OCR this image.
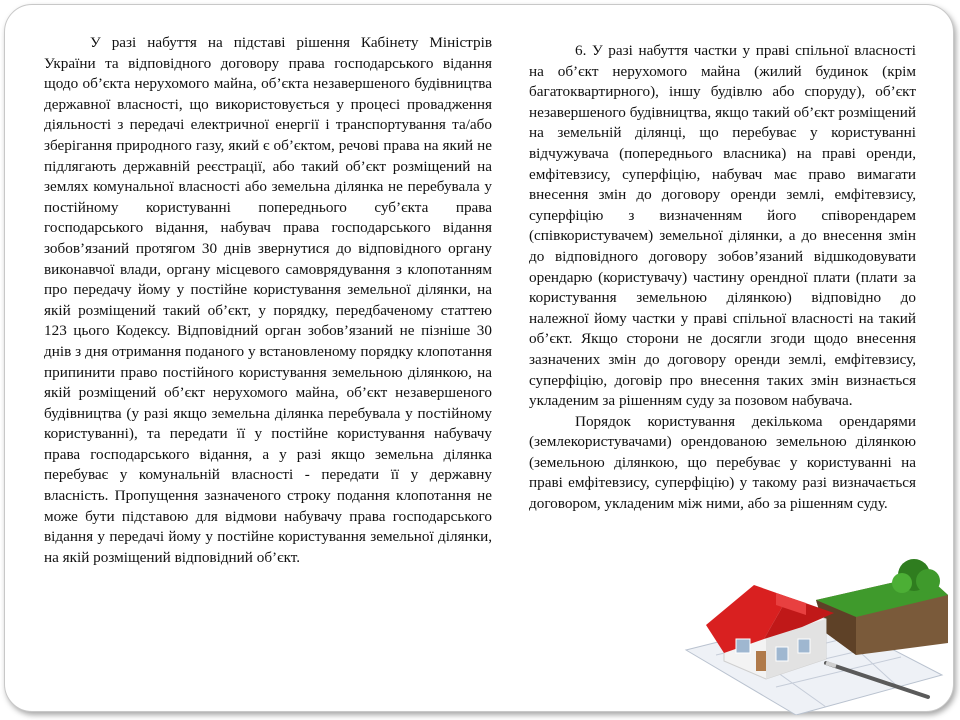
У разі набуття на підставі рішення Кабінету Міністрів України та відповідного договору права господарського відання щодо об’єкта нерухомого майна, об’єкта незавершеного будівництва державної власності, що використовується у процесі провадження діяльності з передачі електричної енергії і транспортування та/або зберігання природного газу, який є об’єктом, речові права на який не підлягають державній реєстрації, або такий об’єкт розміщений на землях комунальної власності або земельна ділянка не перебувала у постійному користуванні попереднього суб’єкта права господарського відання, набувач права господарського відання зобов’язаний протягом 30 днів звернутися до відповідного органу виконавчої влади, органу місцевого самоврядування з клопотанням про передачу йому у постійне користування земельної ділянки, на якій розміщений такий об’єкт, у порядку, передбаченому статтею 123 цього Кодексу. Відповідний орган зобов’язаний не пізніше 30 днів з дня отримання поданого у встановленому порядку клопотання припинити право постійного користування земельною ділянкою, на якій розміщений об’єкт нерухомого майна, об’єкт незавершеного будівництва (у разі якщо земельна ділянка перебувала у постійному користуванні), та передати її у постійне користування набувачу права господарського відання, а у разі якщо земельна ділянка перебуває у комунальній власності - передати її у державну власність. Пропущення зазначеного строку подання клопотання не може бути підставою для відмови набувачу права господарського відання у передачі йому у постійне користування земельної ділянки, на якій розміщений відповідний об’єкт.

6. У разі набуття частки у праві спільної власності на об’єкт нерухомого майна (жилий будинок (крім багатоквартирного), іншу будівлю або споруду), об’єкт незавершеного будівництва, якщо такий об’єкт розміщений на земельній ділянці, що перебуває у користуванні відчужувача (попереднього власника) на праві оренди, емфітевзису, суперфіцію, набувач має право вимагати внесення змін до договору оренди землі, емфітевзису, суперфіцію з визначенням його співорендарем (співкористувачем) земельної ділянки, а до внесення змін до відповідного договору зобов’язаний відшкодовувати орендарю (користувачу) частину орендної плати (плати за користування земельною ділянкою) відповідно до належної йому частки у праві спільної власності на такий об’єкт. Якщо сторони не досягли згоди щодо внесення зазначених змін до договору оренди землі, емфітевзису, суперфіцію, договір про внесення таких змін визнається укладеним за рішенням суду за позовом набувача.

Порядок користування декількома орендарями (землекористувачами) орендованою земельною ділянкою (земельною ділянкою, що перебуває у користуванні на праві емфітевзису, суперфіцію) у такому разі визначається договором, укладеним між ними, або за рішенням суду.
